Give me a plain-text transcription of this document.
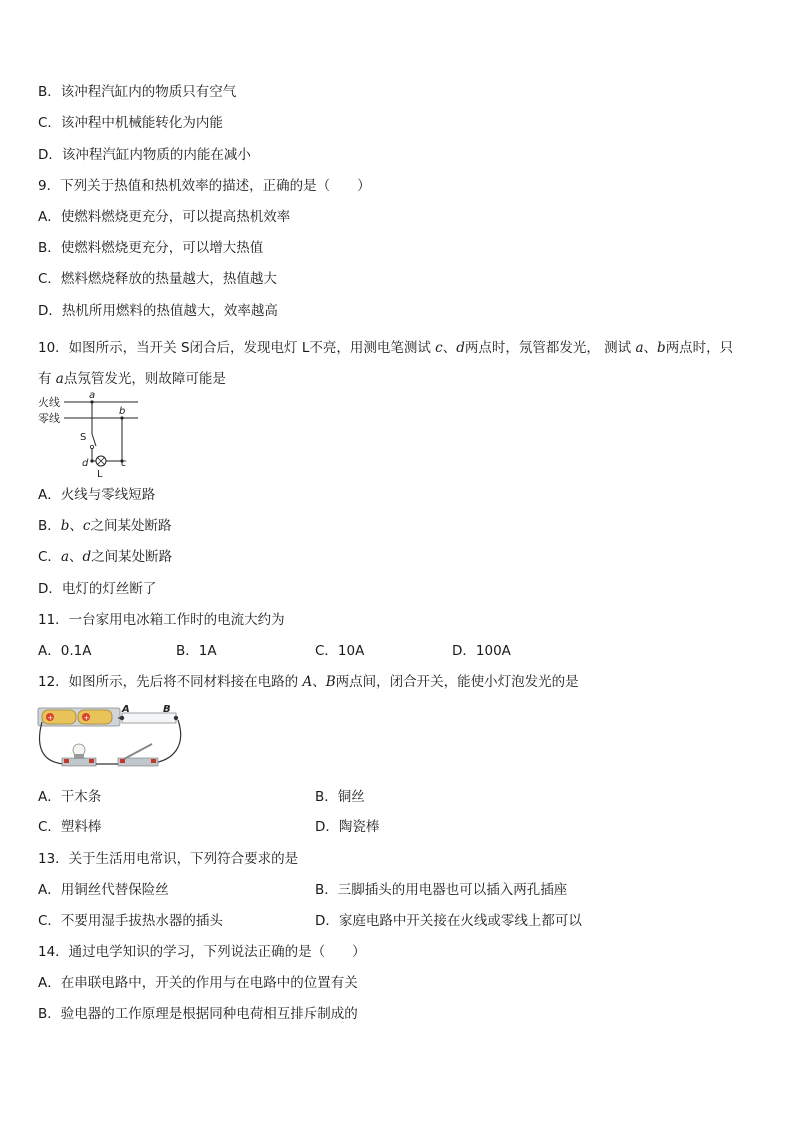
B．该冲程汽缸内的物质只有空气
C．该冲程中机械能转化为内能
D．该冲程汽缸内物质的内能在减小
9．下列关于热值和热机效率的描述，正确的是（　　）
A．使燃料燃烧更充分，可以提高热机效率
B．使燃料燃烧更充分，可以增大热值
C．燃料燃烧释放的热量越大，热值越大
D．热机所用燃料的热值越大，效率越高
10．如图所示，当开关 S闭合后，发现电灯 L不亮，用测电笔测试 c、d两点时，氖管都发光， 测试 a、b两点时，只
有 a点氖管发光，则故障可能是
火线
零线
a
S
d
L
b
c
A．火线与零线短路
B．b、c之间某处断路
C．a、d之间某处断路
D．电灯的灯丝断了
11．一台家用电冰箱工作时的电流大约为
A．0.1A	B．1A	C．10A	D．100A
12．如图所示，先后将不同材料接在电路的 A、B两点间，闭合开关，能使小灯泡发光的是
+	+
A	B
A．干木条	B．铜丝
C．塑料棒	D．陶瓷棒
13．关于生活用电常识，下列符合要求的是
A．用铜丝代替保险丝	B．三脚插头的用电器也可以插入两孔插座
C．不要用湿手拔热水器的插头	D．家庭电路中开关接在火线或零线上都可以
14．通过电学知识的学习，下列说法正确的是（　　）
A．在串联电路中，开关的作用与在电路中的位置有关
B．验电器的工作原理是根据同种电荷相互排斥制成的
